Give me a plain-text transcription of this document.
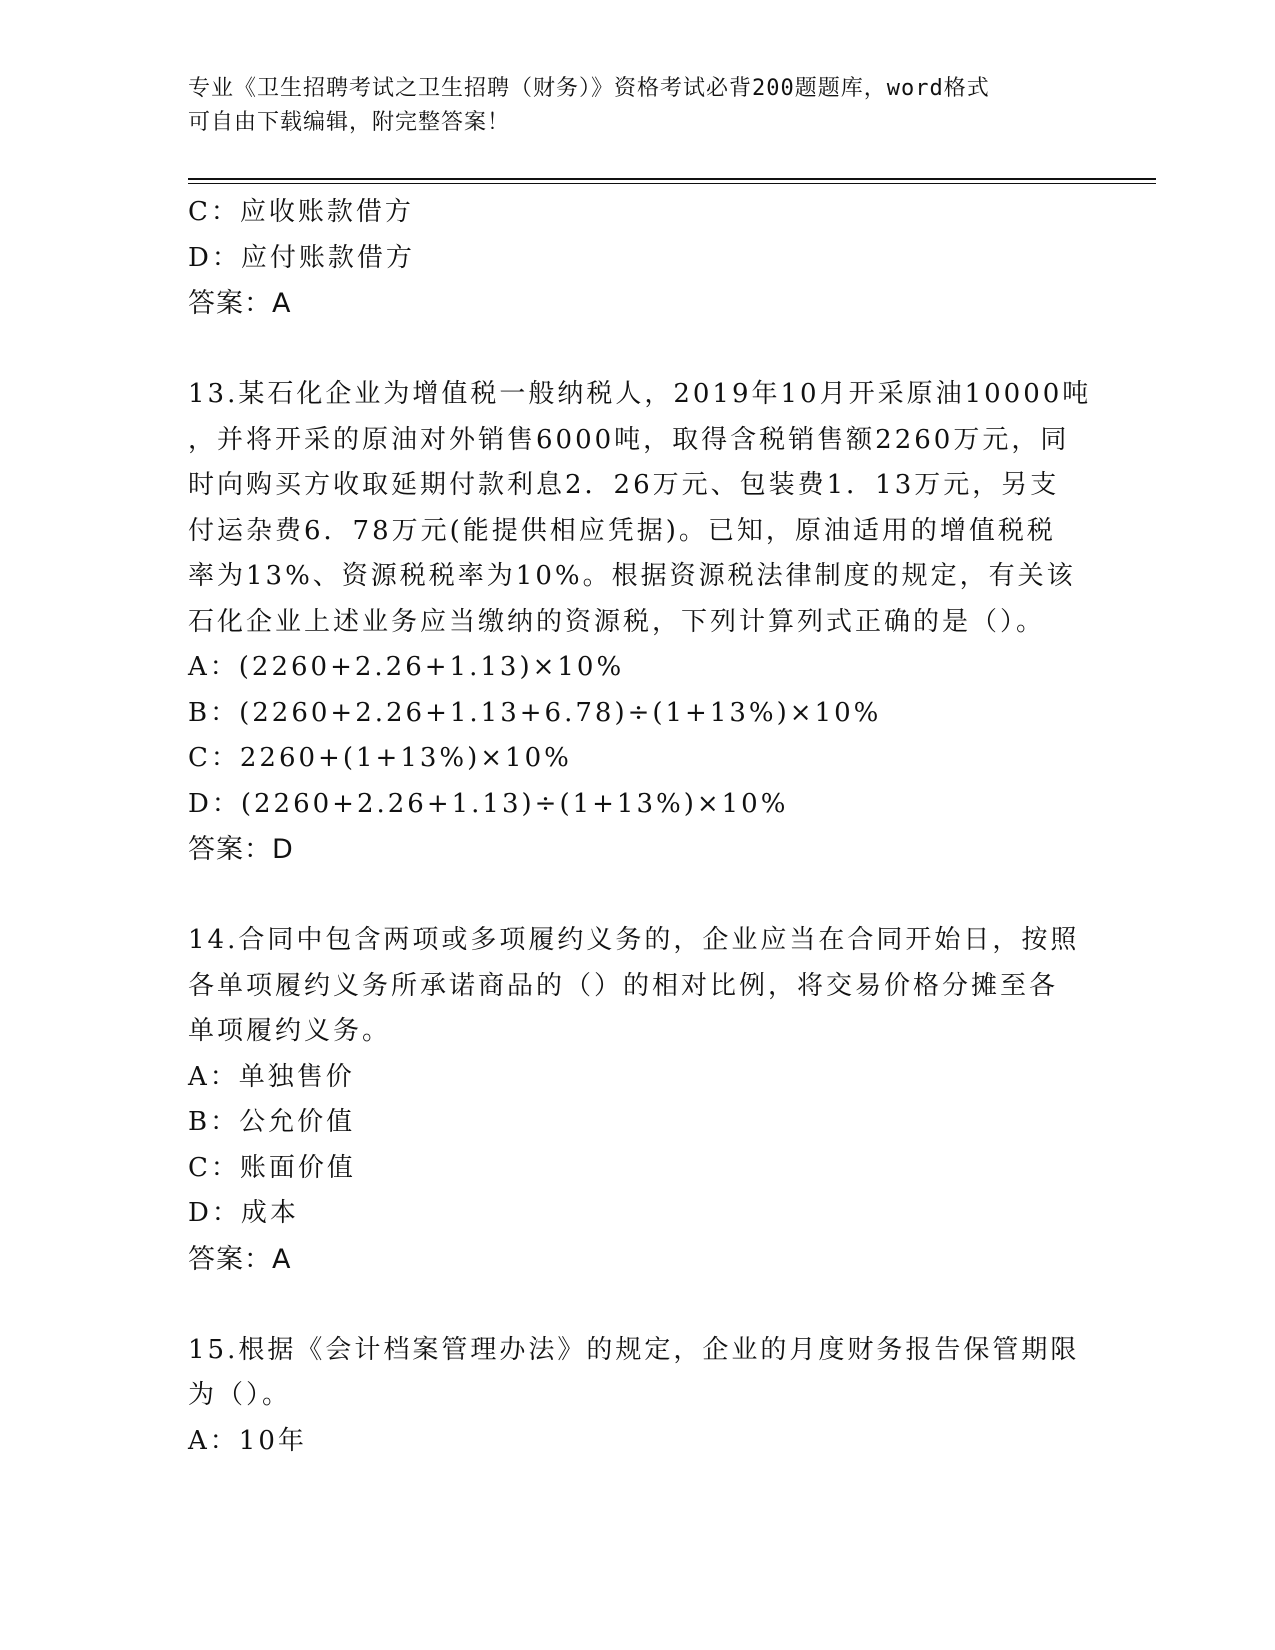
专业《卫生招聘考试之卫生招聘（财务）》资格考试必背200题题库，word格式
可自由下载编辑，附完整答案！
C：应收账款借方
D：应付账款借方
答案：A
13.某石化企业为增值税一般纳税人，2019年10月开采原油10000吨
，并将开采的原油对外销售6000吨，取得含税销售额2260万元，同
时向购买方收取延期付款利息2．26万元、包装费1．13万元，另支
付运杂费6．78万元(能提供相应凭据)。已知，原油适用的增值税税
率为13%、资源税税率为10%。根据资源税法律制度的规定，有关该
石化企业上述业务应当缴纳的资源税，下列计算列式正确的是（）。
A：(2260+2.26+1.13)×10%
B：(2260+2.26+1.13+6.78)÷(1+13%)×10%
C：2260+(1+13%)×10%
D：(2260+2.26+1.13)÷(1+13%)×10%
答案：D
14.合同中包含两项或多项履约义务的，企业应当在合同开始日，按照
各单项履约义务所承诺商品的（）的相对比例，将交易价格分摊至各
单项履约义务。
A：单独售价
B：公允价值
C：账面价值
D：成本
答案：A
15.根据《会计档案管理办法》的规定，企业的月度财务报告保管期限
为（）。
A：10年
